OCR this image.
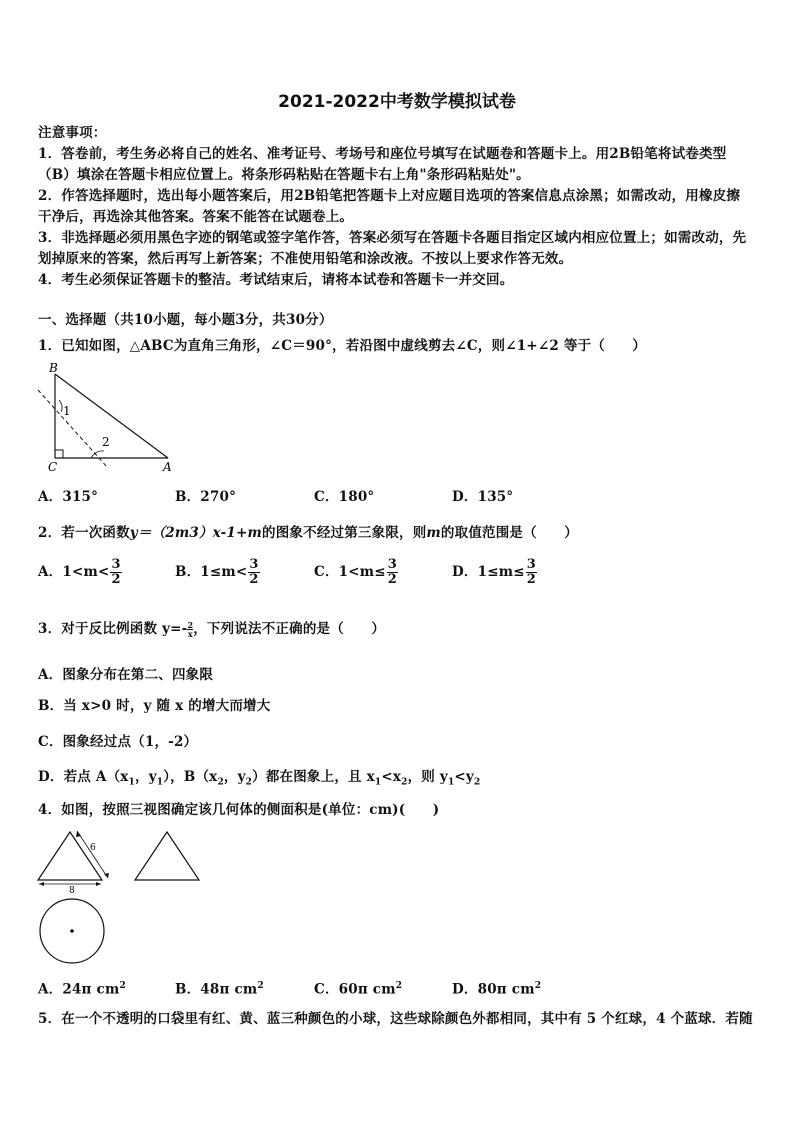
2021-2022中考数学模拟试卷
注意事项：
1．答卷前，考生务必将自己的姓名、准考证号、考场号和座位号填写在试题卷和答题卡上。用2B铅笔将试卷类型
（B）填涂在答题卡相应位置上。将条形码粘贴在答题卡右上角"条形码粘贴处"。
2．作答选择题时，选出每小题答案后，用2B铅笔把答题卡上对应题目选项的答案信息点涂黑；如需改动，用橡皮擦
干净后，再选涂其他答案。答案不能答在试题卷上。
3．非选择题必须用黑色字迹的钢笔或签字笔作答，答案必须写在答题卡各题目指定区域内相应位置上；如需改动，先
划掉原来的答案，然后再写上新答案；不准使用铅笔和涂改液。不按以上要求作答无效。
4．考生必须保证答题卡的整洁。考试结束后，请将本试卷和答题卡一并交回。
一、选择题（共10小题，每小题3分，共30分）
1．已知如图，△ABC为直角三角形，∠C＝90°，若沿图中虚线剪去∠C，则∠1+∠2 等于（　　）
B
C	A
1
2
A．315°	B．270°	C．180°	D．135°
2．若一次函数y＝（2m3）x-1+m的图象不经过第三象限，则m的取值范围是（　　）
A．$1<m< \frac{3}{2}$	B．$1\le m< \frac{3}{2}$	C．$1<m\le \frac{3}{2}$	D．$1\le m\le \frac{3}{2}$
3．对于反比例函数 $y=- \frac{2}{x}$ ，下列说法不正确的是（　　）
A．图象分布在第二、四象限
B．当 x>0 时，y 随 x 的增大而增大
C．图象经过点（1，-2）
D．若点 $A(x_1$，$y_1$），$B(x_2$，$y_2$）都在图象上，且 $x_1<x_2$，则 $y_1<y_2$
4．如图，按照三视图确定该几何体的侧面积是(单位：cm)(　　)
6
8
A．24π $cm^2$	B．48π $cm^2$	C．60π $cm^2$	D．80π $cm^2$
5．在一个不透明的口袋里有红、黄、蓝三种颜色的小球，这些球除颜色外都相同，其中有 5 个红球，4 个蓝球．若随
